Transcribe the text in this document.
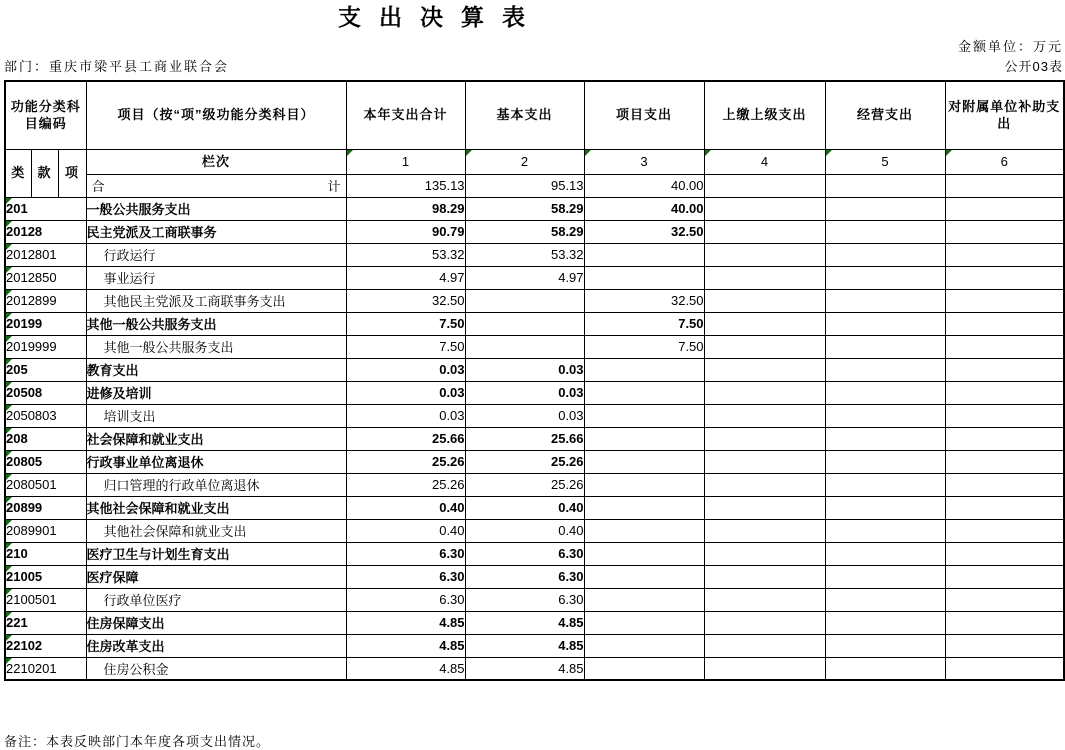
支出决算表
金额单位：万元
部门：重庆市梁平县工商业联合会	公开03表
功能分类科目编码			项目（按“项”级功能分类科目）	本年支出合计	基本支出	项目支出	上缴上级支出	经营支出	对附属单位补助支出
类	款	项	栏次	1	2	3	4	5	6

			合 计	135.13	95.13	40.00			

201			一般公共服务支出	98.29	58.29	40.00			

20128			民主党派及工商联事务	90.79	58.29	32.50			

2012801			行政运行	53.32	53.32				

2012850			事业运行	4.97	4.97				

2012899			其他民主党派及工商联事务支出	32.50		32.50			

20199			其他一般公共服务支出	7.50		7.50			

2019999			其他一般公共服务支出	7.50		7.50			

205			教育支出	0.03	0.03				

20508			进修及培训	0.03	0.03				

2050803			培训支出	0.03	0.03				

208			社会保障和就业支出	25.66	25.66				

20805			行政事业单位离退休	25.26	25.26				

2080501			归口管理的行政单位离退休	25.26	25.26				

20899			其他社会保障和就业支出	0.40	0.40				

2089901			其他社会保障和就业支出	0.40	0.40				

210			医疗卫生与计划生育支出	6.30	6.30				

21005			医疗保障	6.30	6.30				

2100501			行政单位医疗	6.30	6.30				

221			住房保障支出	4.85	4.85				

22102			住房改革支出	4.85	4.85				

2210201			住房公积金	4.85	4.85				
备注：本表反映部门本年度各项支出情况。
